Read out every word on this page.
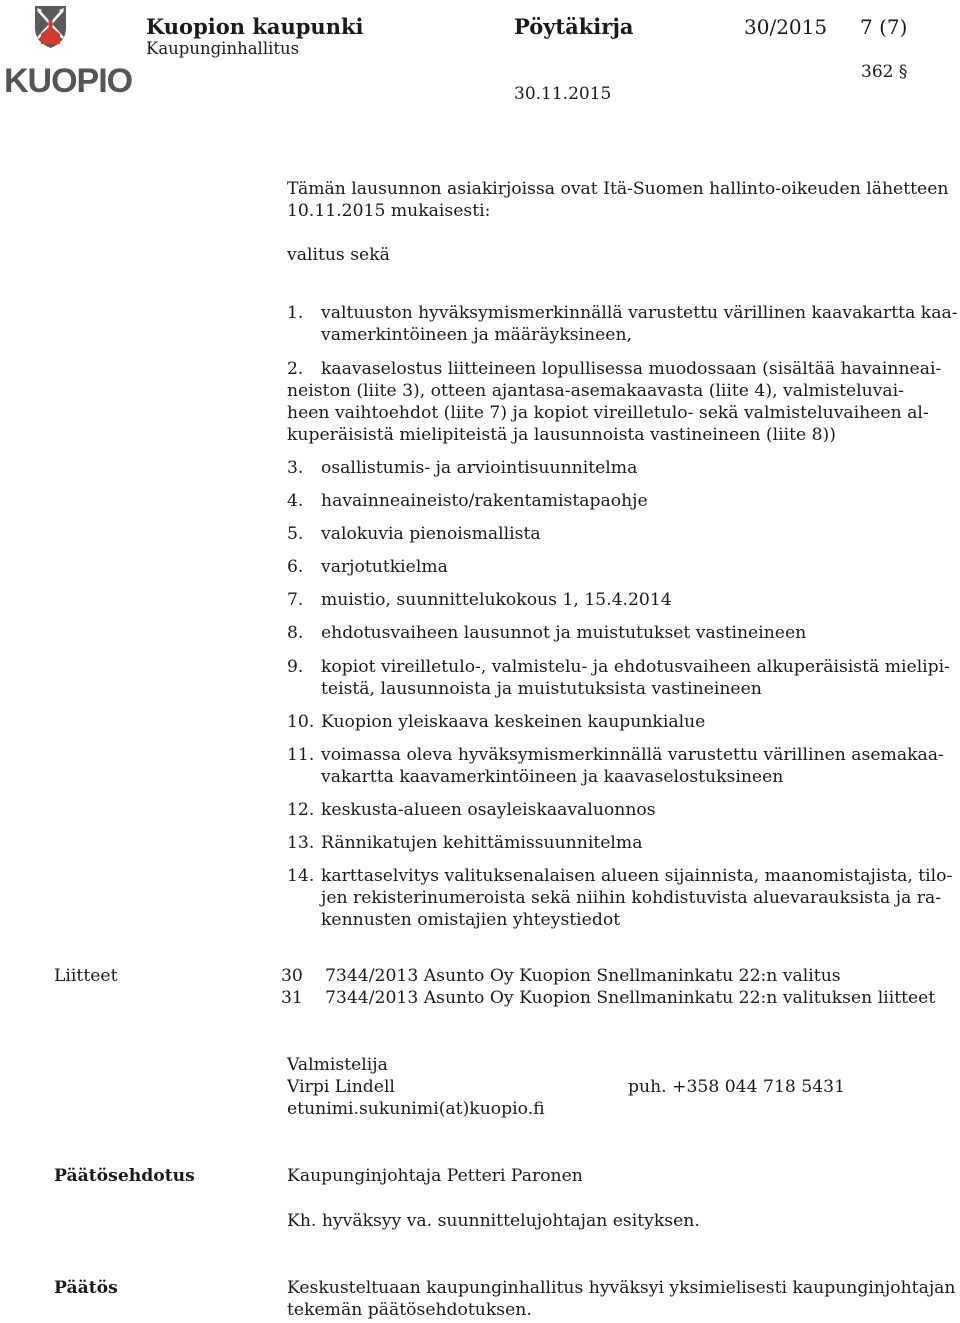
KUOPIO
Kuopion kaupunki	Pöytäkirja	30/2015 7 (7)
Kaupunginhallitus
362 §
30.11.2015
Tämän lausunnon asiakirjoissa ovat Itä-Suomen hallinto-oikeuden lähetteen
10.11.2015 mukaisesti:
valitus sekä
1. valtuuston hyväksymismerkinnällä varustettu värillinen kaavakartta kaa-
vamerkintöineen ja määräyksineen,
2. kaavaselostus liitteineen lopullisessa muodossaan (sisältää havainneai-
neiston (liite 3), otteen ajantasa-asemakaavasta (liite 4), valmisteluvai-
heen vaihtoehdot (liite 7) ja kopiot vireilletulo- sekä valmisteluvaiheen al-
kuperäisistä mielipiteistä ja lausunnoista vastineineen (liite 8))
3. osallistumis- ja arviointisuunnitelma
4. havainneaineisto/rakentamistapaohje
5. valokuvia pienoismallista
6. varjotutkielma
7. muistio, suunnittelukokous 1, 15.4.2014
8. ehdotusvaiheen lausunnot ja muistutukset vastineineen
9. kopiot vireilletulo-, valmistelu- ja ehdotusvaiheen alkuperäisistä mielipi-
teistä, lausunnoista ja muistutuksista vastineineen
10. Kuopion yleiskaava keskeinen kaupunkialue
11. voimassa oleva hyväksymismerkinnällä varustettu värillinen asemakaa-
vakartta kaavamerkintöineen ja kaavaselostuksineen
12. keskusta-alueen osayleiskaavaluonnos
13. Rännikatujen kehittämissuunnitelma
14. karttaselvitys valituksenalaisen alueen sijainnista, maanomistajista, tilo-
jen rekisterinumeroista sekä niihin kohdistuvista aluevarauksista ja ra-
kennusten omistajien yhteystiedot
Liitteet	30 7344/2013 Asunto Oy Kuopion Snellmaninkatu 22:n valitus
31 7344/2013 Asunto Oy Kuopion Snellmaninkatu 22:n valituksen liitteet
Valmistelija
Virpi Lindell	puh. +358 044 718 5431
etunimi.sukunimi(at)kuopio.fi
Päätösehdotus	Kaupunginjohtaja Petteri Paronen
Kh. hyväksyy va. suunnittelujohtajan esityksen.
Päätös	Keskusteltuaan kaupunginhallitus hyväksyi yksimielisesti kaupunginjohtajan
tekemän päätösehdotuksen.
